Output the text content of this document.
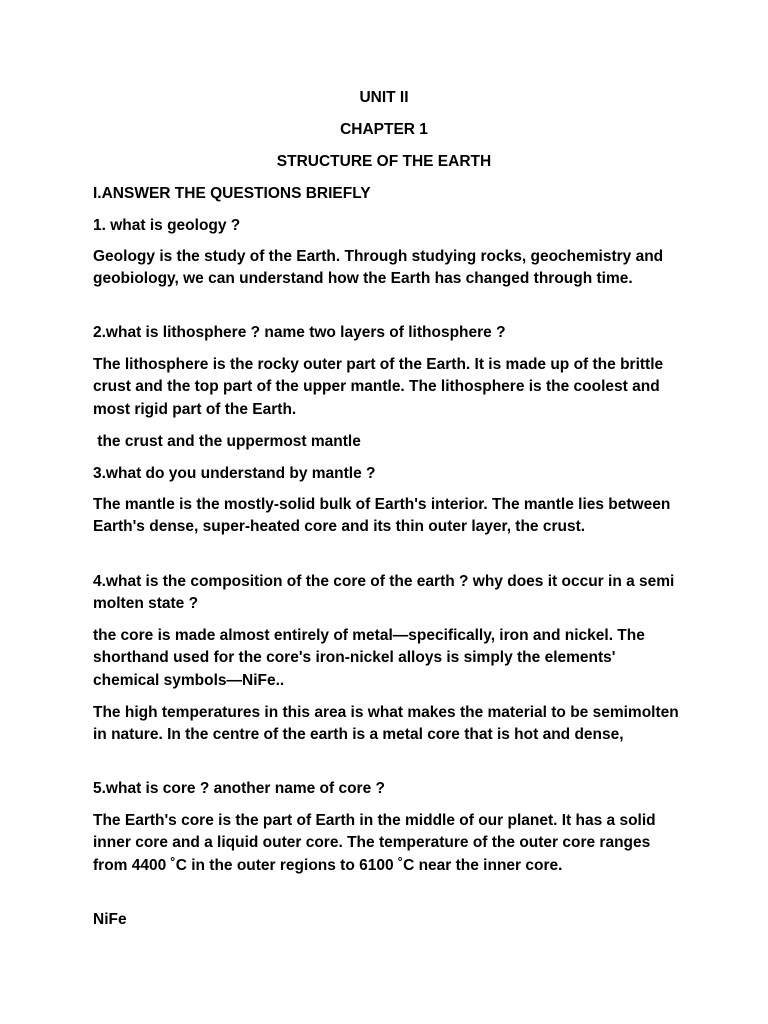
UNIT II

CHAPTER 1

STRUCTURE OF THE EARTH

I.ANSWER THE QUESTIONS BRIEFLY

1. what is geology ?

Geology is the study of the Earth. Through studying rocks, geochemistry and geobiology, we can understand how the Earth has changed through time.

2.what is lithosphere ? name two layers of lithosphere ?

The lithosphere is the rocky outer part of the Earth. It is made up of the brittle crust and the top part of the upper mantle. The lithosphere is the coolest and most rigid part of the Earth.

the crust and the uppermost mantle

3.what do you understand by mantle ?

The mantle is the mostly-solid bulk of Earth's interior. The mantle lies between Earth's dense, super-heated core and its thin outer layer, the crust.

4.what is the composition of the core of the earth ? why does it occur in a semi molten state ?

the core is made almost entirely of metal—specifically, iron and nickel. The shorthand used for the core's iron-nickel alloys is simply the elements' chemical symbols—NiFe..

The high temperatures in this area is what makes the material to be semimolten in nature. In the centre of the earth is a metal core that is hot and dense,

5.what is core ? another name of core ?

The Earth's core is the part of Earth in the middle of our planet. It has a solid inner core and a liquid outer core. The temperature of the outer core ranges from 4400 ˚C in the outer regions to 6100 ˚C near the inner core.

NiFe
